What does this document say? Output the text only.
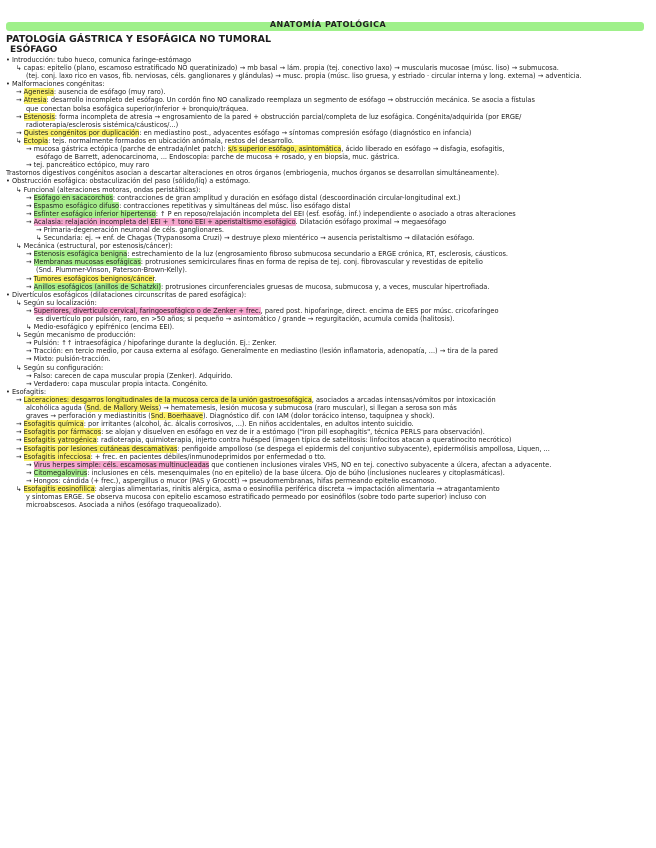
ANATOMÍA PATOLÓGICA
PATOLOGÍA GÁSTRICA Y ESOFÁGICA NO TUMORAL
ESÓFAGO
• Introducción: tubo hueco, comunica faringe-estómago
↳ capas: epitelio (plano, escamoso estratificado NO queratinizado) → mb basal → lám. propia (tej. conectivo laxo) → muscularis mucosae (músc. liso) → submucosa.
(tej. conj. laxo rico en vasos, fib. nerviosas, céls. ganglionares y glándulas) → musc. propia (músc. liso gruesa, y estriado · circular interna y long. externa) → adventicia.
• Malformaciones congénitas:
→ Agenesia: ausencia de esófago (muy raro).
→ Atresia: desarrollo incompleto del esófago. Un cordón fino NO canalizado reemplaza un segmento de esófago → obstrucción mecánica. Se asocia a fístulas
que conectan bolsa esofágica superior/inferior + bronquio/tráquea.
→ Estenosis: forma incompleta de atresia → engrosamiento de la pared + obstrucción parcial/completa de luz esofágica. Congénita/adquirida (por ERGE/
radioterapia/esclerosis sistémica/cáusticos/...)
→ Quistes congénitos por duplicación: en mediastino post., adyacentes esófago → síntomas compresión esófago (diagnóstico en infancia)
↳ Ectopia: tejs. normalmente formados en ubicación anómala, restos del desarrollo.
→ mucosa gástrica ectópica (parche de entrada/inlet patch): s/s superior esófago, asintomática, ácido liberado en esófago → disfagia, esofagitis,
esófago de Barrett, adenocarcinoma, ... Endoscopia: parche de mucosa + rosado, y en biopsia, muc. gástrica.
→ tej. pancreático ectópico, muy raro
Trastornos digestivos congénitos asocian a descartar alteraciones en otros órganos (embriogenia, muchos órganos se desarrollan simultáneamente).
• Obstrucción esofágica: obstaculización del paso (sólido/líq) a estómago.
↳ Funcional (alteraciones motoras, ondas peristálticas):
→ Esófago en sacacorchos: contracciones de gran amplitud y duración en esófago distal (descoordinación circular-longitudinal ext.)
→ Espasmo esofágico difuso: contracciones repetitivas y simultáneas del músc. liso esófago distal
→ Esfínter esofágico inferior hipertenso: ↑ P en reposo/relajación incompleta del EEI (esf. esofág. inf.) independiente o asociado a otras alteraciones
→ Acalasia: relajación incompleta del EEI + ↑ tono EEI + aperistaltismo esofágico. Dilatación esófago proximal → megaesófago
→ Primaria-degeneración neuronal de céls. ganglionares.
↳ Secundaria: ej. → enf. de Chagas (Trypanosoma Cruzi) → destruye plexo mientérico → ausencia peristaltismo → dilatación esófago.
↳ Mecánica (estructural, por estenosis/cáncer):
→ Estenosis esofágica benigna: estrechamiento de la luz (engrosamiento fibroso submucosa secundario a ERGE crónica, RT, esclerosis, cáusticos.
→ Membranas mucosas esofágicas: protrusiones semicirculares finas en forma de repisa de tej. conj. fibrovascular y revestidas de epitelio
(Snd. Plummer-Vinson, Paterson-Brown-Kelly).
→ Tumores esofágicos benignos/cáncer.
→ Anillos esofágicos (anillos de Schatzki): protrusiones circunferenciales gruesas de mucosa, submucosa y, a veces, muscular hipertrofiada.
• Divertículos esofágicos (dilataciones circunscritas de pared esofágica):
↳ Según su localización:
→ Superiores, divertículo cervical, faringoesofágico o de Zenker + frec., pared post. hipofaringe, direct. encima de EES por músc. cricofaríngeo
es divertículo por pulsión, raro, en >50 años; si pequeño → asintomático / grande → regurgitación, acumula comida (halitosis).
↳ Medio-esofágico y epifrénico (encima EEI).
↳ Según mecanismo de producción:
→ Pulsión: ↑↑ intraesofágica / hipofaringe durante la deglución. Ej.: Zenker.
→ Tracción: en tercio medio, por causa externa al esófago. Generalmente en mediastino (lesión inflamatoria, adenopatía, ...) → tira de la pared
→ Mixto: pulsión-tracción.
↳ Según su configuración:
→ Falso: carecen de capa muscular propia (Zenker). Adquirido.
→ Verdadero: capa muscular propia intacta. Congénito.
• Esofagitis:
→ Laceraciones: desgarros longitudinales de la mucosa cerca de la unión gastroesofágica, asociados a arcadas intensas/vómitos por intoxicación
alcohólica aguda (Snd. de Mallory Weiss) → hematemesis, lesión mucosa y submucosa (raro muscular), si llegan a serosa son más
graves → perforación y mediastinitis (Snd. Boerhaave). Diagnóstico dif. con IAM (dolor torácico intenso, taquipnea y shock).
→ Esofagitis química: por irritantes (alcohol, ác. álcalis corrosivos, ...). En niños accidentales, en adultos intento suicidio.
→ Esofagitis por fármacos: se alojan y disuelven en esófago en vez de ir a estómago ("iron pill esophagitis", técnica PERLS para observación).
→ Esofagitis yatrogénica: radioterapia, quimioterapia, injerto contra huésped (imagen típica de satelitosis: linfocitos atacan a queratinocito necrótico)
→ Esofagitis por lesiones cutáneas descamativas: penfigoide ampolloso (se despega el epidermis del conjuntivo subyacente), epidermólisis ampollosa, Liquen, ...
→ Esofagitis infecciosa: + frec. en pacientes débiles/inmunodeprimidos por enfermedad o tto.
→ Virus herpes simple: céls. escamosas multinucleadas que contienen inclusiones virales VHS, NO en tej. conectivo subyacente a úlcera, afectan a adyacente.
→ Citomegalovirus: inclusiones en céls. mesenquimales (no en epitelio) de la base úlcera. Ojo de búho (inclusiones nucleares y citoplasmáticas).
→ Hongos: cándida (+ frec.), aspergillus o mucor (PAS y Grocott) → pseudomembranas, hifas permeando epitelio escamoso.
↳ Esofagitis eosinofílica: alergias alimentarias, rinitis alérgica, asma o eosinofilia periférica discreta → impactación alimentaria → atragantamiento
y síntomas ERGE. Se observa mucosa con epitelio escamoso estratificado permeado por eosinófilos (sobre todo parte superior) incluso con
microabscesos. Asociada a niños (esófago traqueoalizado).
